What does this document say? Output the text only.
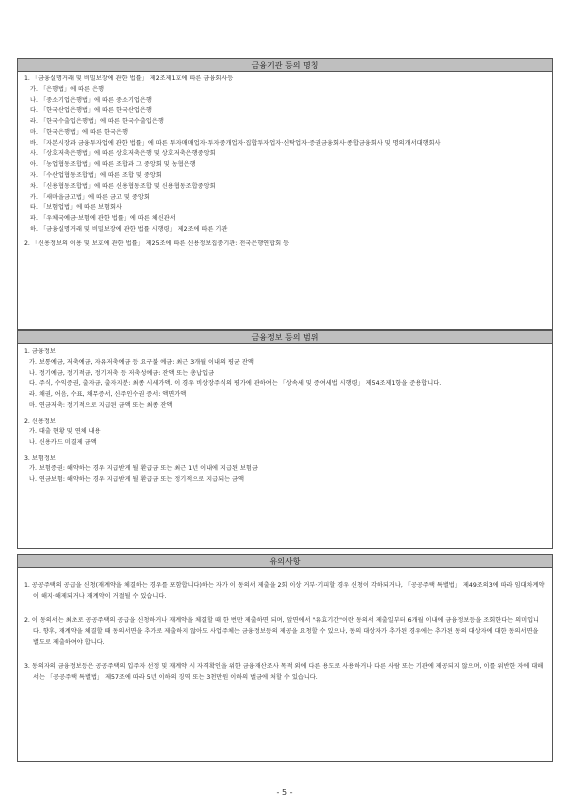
금융기관 등의 명칭
1. 「금융실명거래 및 비밀보장에 관한 법률」 제2조제1호에 따른 금융회사등
가. 「은행법」에 따른 은행
나. 「중소기업은행법」에 따른 중소기업은행
다. 「한국산업은행법」에 따른 한국산업은행
라. 「한국수출입은행법」에 따른 한국수출입은행
마. 「한국은행법」에 따른 한국은행
바. 「자본시장과 금융투자업에 관한 법률」에 따른 투자매매업자·투자중개업자·집합투자업자·신탁업자·증권금융회사·종합금융회사 및 명의개서대행회사
사. 「상호저축은행법」에 따른 상호저축은행 및 상호저축은행중앙회
아. 「농업협동조합법」에 따른 조합과 그 중앙회 및 농협은행
자. 「수산업협동조합법」에 따른 조합 및 중앙회
차. 「신용협동조합법」에 따른 신용협동조합 및 신용협동조합중앙회
카. 「새마을금고법」에 따른 금고 및 중앙회
타. 「보험업법」에 따른 보험회사
파. 「우체국예금·보험에 관한 법률」에 따른 체신관서
하. 「금융실명거래 및 비밀보장에 관한 법률 시행령」 제2조에 따른 기관
2. 「신용정보의 이용 및 보호에 관한 법률」 제25조에 따른 신용정보집중기관: 전국은행연합회 등
금융정보 등의 범위
1. 금융정보
가. 보통예금, 저축예금, 자유저축예금 등 요구불 예금: 최근 3개월 이내의 평균 잔액
나. 정기예금, 정기적금, 정기저축 등 저축성예금: 잔액 또는 총납입금
다. 주식, 수익증권, 출자금, 출자지분: 최종 시세가액. 이 경우 비상장주식의 평가에 관하여는 「상속세 및 증여세법 시행령」 제54조제1항을 준용합니다.
라. 채권, 어음, 수표, 채무증서, 신주인수권 증서: 액면가액
마. 연금저축: 정기적으로 지급된 금액 또는 최종 잔액
2. 신용정보
가. 대출 현황 및 연체 내용
나. 신용카드 미결제 금액
3. 보험정보
가. 보험증권: 해약하는 경우 지급받게 될 환급금 또는 최근 1년 이내에 지급된 보험금
나. 연금보험: 해약하는 경우 지급받게 될 환급금 또는 정기적으로 지급되는 금액
유의사항
1. 공공주택의 공급을 신청(재계약을 체결하는 경우를 포함합니다)하는 자가 이 동의서 제출을 2회 이상 거부·기피할 경우 신청이 각하되거나, 「공공주택 특별법」 제49조의3에 따라 임대차계약이 해지·해제되거나 재계약이 거절될 수 있습니다.
2. 이 동의서는 최초로 공공주택의 공급을 신청하거나 재계약을 체결할 때 한 번만 제출하면 되며, 앞면에서 "유효기간"이란 동의서 제출일부터 6개월 이내에 금융정보등을 조회한다는 의미입니다. 향후, 재계약을 체결할 때 동의서면을 추가로 제출하지 않아도 사업주체는 금융정보등의 제공을 요청할 수 있으나, 동의 대상자가 추가된 경우에는 추가된 동의 대상자에 대한 동의서면을 별도로 제출하여야 합니다.
3. 동의자의 금융정보등은 공공주택의 입주자 선정 및 재계약 시 자격확인을 위한 금융재산조사 목적 외에 다른 용도로 사용하거나 다른 사람 또는 기관에 제공되지 않으며, 이를 위반한 자에 대해서는 「공공주택 특별법」 제57조에 따라 5년 이하의 징역 또는 3천만원 이하의 벌금에 처할 수 있습니다.
- 5 -
